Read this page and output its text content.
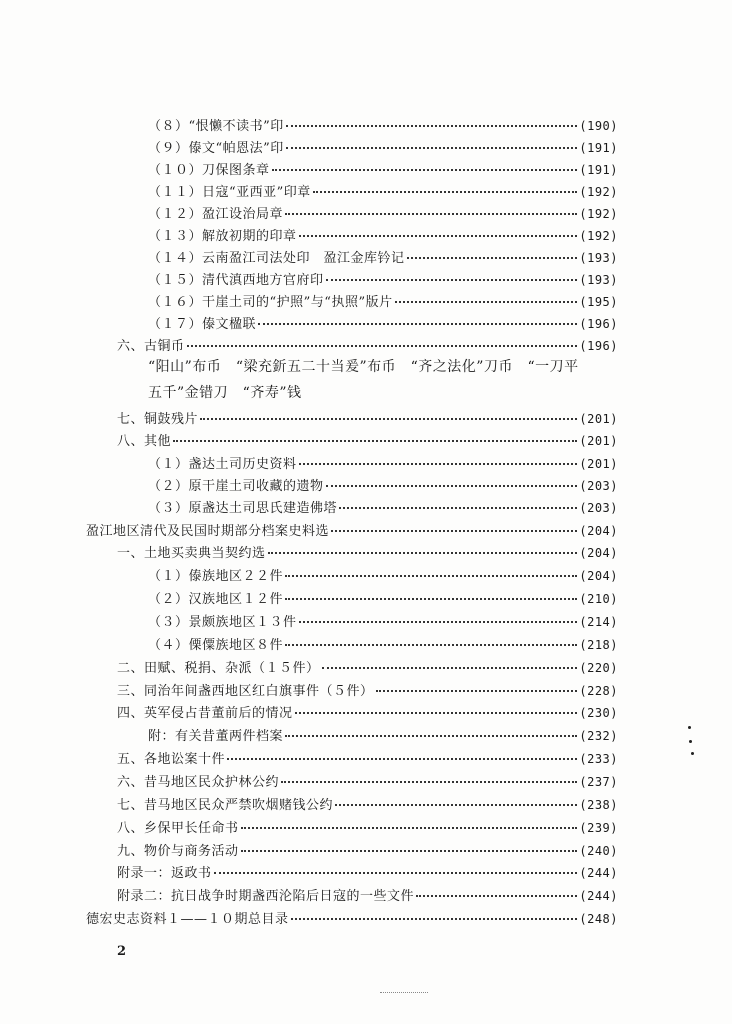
（８）“恨懒不读书”印	(190)
（９）傣文“帕恩法”印	(191)
（１０）刀保图条章	(191)
（１１）日寇“亚西亚”印章	(192)
（１２）盈江设治局章	(192)
（１３）解放初期的印章	(192)
（１４）云南盈江司法处印　盈江金库钤记	(193)
（１５）清代滇西地方官府印	(193)
（１６）干崖土司的“护照”与“执照”版片	(195)
（１７）傣文楹联	(196)
六、古铜币	(196)
“阳山”布币　“梁充釿五二十当爰”布币　“齐之法化”刀币　“一刀平
五千”金错刀　“齐寿”钱
七、铜鼓残片	(201)
八、其他	(201)
（１）盏达土司历史资料	(201)
（２）原干崖土司收藏的遗物	(203)
（３）原盏达土司思氏建造佛塔	(203)
盈江地区清代及民国时期部分档案史料选	(204)
一、土地买卖典当契约选	(204)
（１）傣族地区２２件	(204)
（２）汉族地区１２件	(210)
（３）景颇族地区１３件	(214)
（４）傈僳族地区８件	(218)
二、田赋、税捐、杂派（１５件）	(220)
三、同治年间盏西地区红白旗事件（５件）	(228)
四、英军侵占昔董前后的情况	(230)
附：有关昔董两件档案	(232)
五、各地讼案十件	(233)
六、昔马地区民众护林公约	(237)
七、昔马地区民众严禁吹烟赌钱公约	(238)
八、乡保甲长任命书	(239)
九、物价与商务活动	(240)
附录一：返政书	(244)
附录二：抗日战争时期盏西沦陷后日寇的一些文件	(244)
德宏史志资料１——１０期总目录	(248)
2
